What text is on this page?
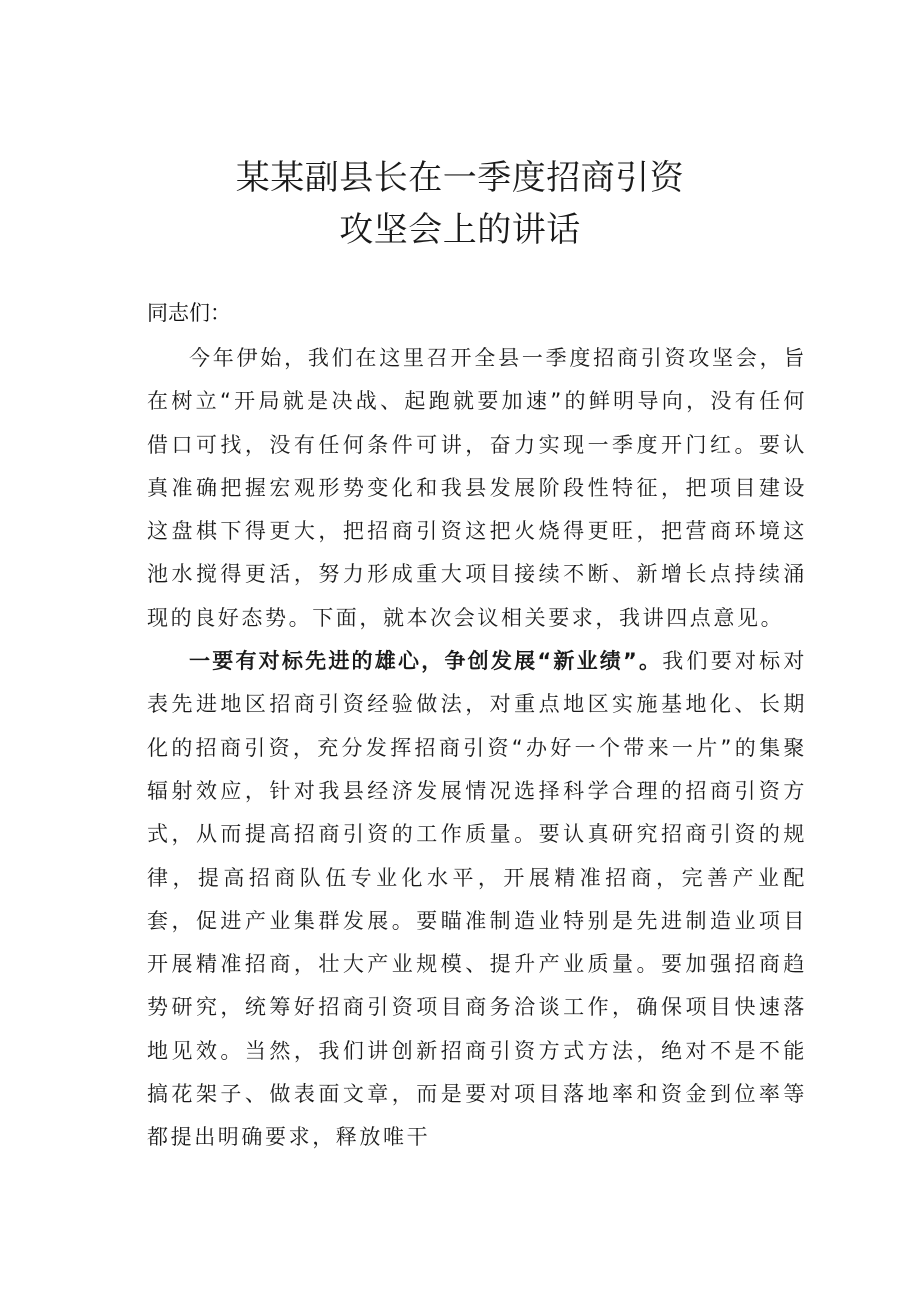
某某副县长在一季度招商引资
攻坚会上的讲话
同志们：

今年伊始，我们在这里召开全县一季度招商引资攻坚会，旨在树立“开局就是决战、起跑就要加速”的鲜明导向，没有任何借口可找，没有任何条件可讲，奋力实现一季度开门红。要认真准确把握宏观形势变化和我县发展阶段性特征，把项目建设这盘棋下得更大，把招商引资这把火烧得更旺，把营商环境这池水搅得更活，努力形成重大项目接续不断、新增长点持续涌现的良好态势。下面，就本次会议相关要求，我讲四点意见。

一要有对标先进的雄心，争创发展“新业绩”。我们要对标对表先进地区招商引资经验做法，对重点地区实施基地化、长期化的招商引资，充分发挥招商引资“办好一个带来一片”的集聚辐射效应，针对我县经济发展情况选择科学合理的招商引资方式，从而提高招商引资的工作质量。要认真研究招商引资的规律，提高招商队伍专业化水平，开展精准招商，完善产业配套，促进产业集群发展。要瞄准制造业特别是先进制造业项目开展精准招商，壮大产业规模、提升产业质量。要加强招商趋势研究，统筹好招商引资项目商务洽谈工作，确保项目快速落地见效。当然，我们讲创新招商引资方式方法，绝对不是不能搞花架子、做表面文章，而是要对项目落地率和资金到位率等都提出明确要求，释放唯干
